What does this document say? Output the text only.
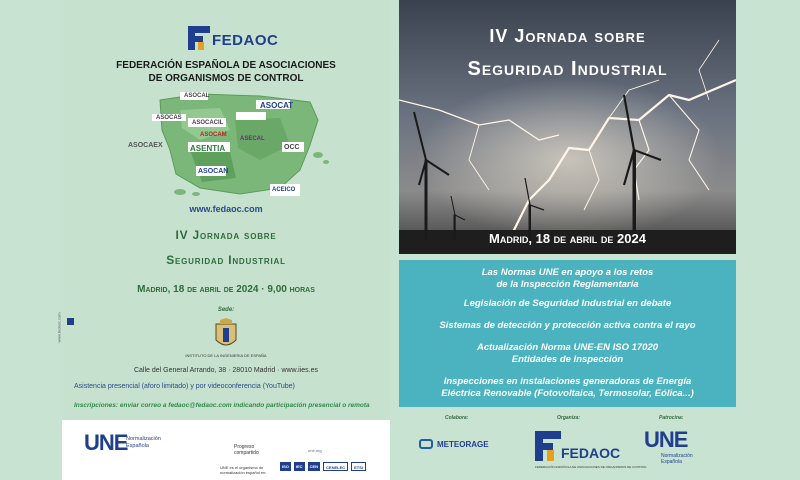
FEDAOC
FEDERACIÓN ESPAÑOLA DE ASOCIACIONES
DE ORGANISMOS DE CONTROL
ASOCAS
ASOCAL
ASOCACIL
ASOCAT
ASOCAM
ASOCAEX	ASENTIA
ASECAL
OCC
ASOCAN
ACEICO
www.fedaoc.com
IV Jornada sobre
Seguridad Industrial
Madrid, 18 de abril de 2024 · 9,00 horas
Sede:
INSTITUTO DE LA INGENIERIA DE ESPAÑA
Calle del General Arrando, 38 · 28010 Madrid · www.iies.es
Asistencia presencial (aforo limitado) y por videoconferencia (YouTube)
Inscripciones: enviar correo a fedaoc@fedaoc.com indicando participación presencial o remota
www.fedaoc.com
UNE
Normalización
Española	Progreso
compartido	une.org
UNE es el organismo de normalización español en:
ISO	IEC	CEN	CENELEC	ETSI
IV Jornada sobre
Seguridad Industrial
Madrid, 18 de abril de 2024
Las Normas UNE en apoyo a los retos
de la Inspección Reglamentaria
Legislación de Seguridad Industrial en debate
Sistemas de detección y protección activa contra el rayo
Actualización Norma UNE-EN ISO 17020
Entidades de Inspección
Inspecciones en instalaciones generadoras de Energía
Eléctrica Renovable (Fotovoltaica, Termosolar, Eólica...)
Colabora:	Organiza:	Patrocina:
METEORAGE
FEDAOC
FEDERACIÓN ESPAÑOLA DE ASOCIACIONES DE ORGANISMOS DE CONTROL
UNE
Normalización
Española
